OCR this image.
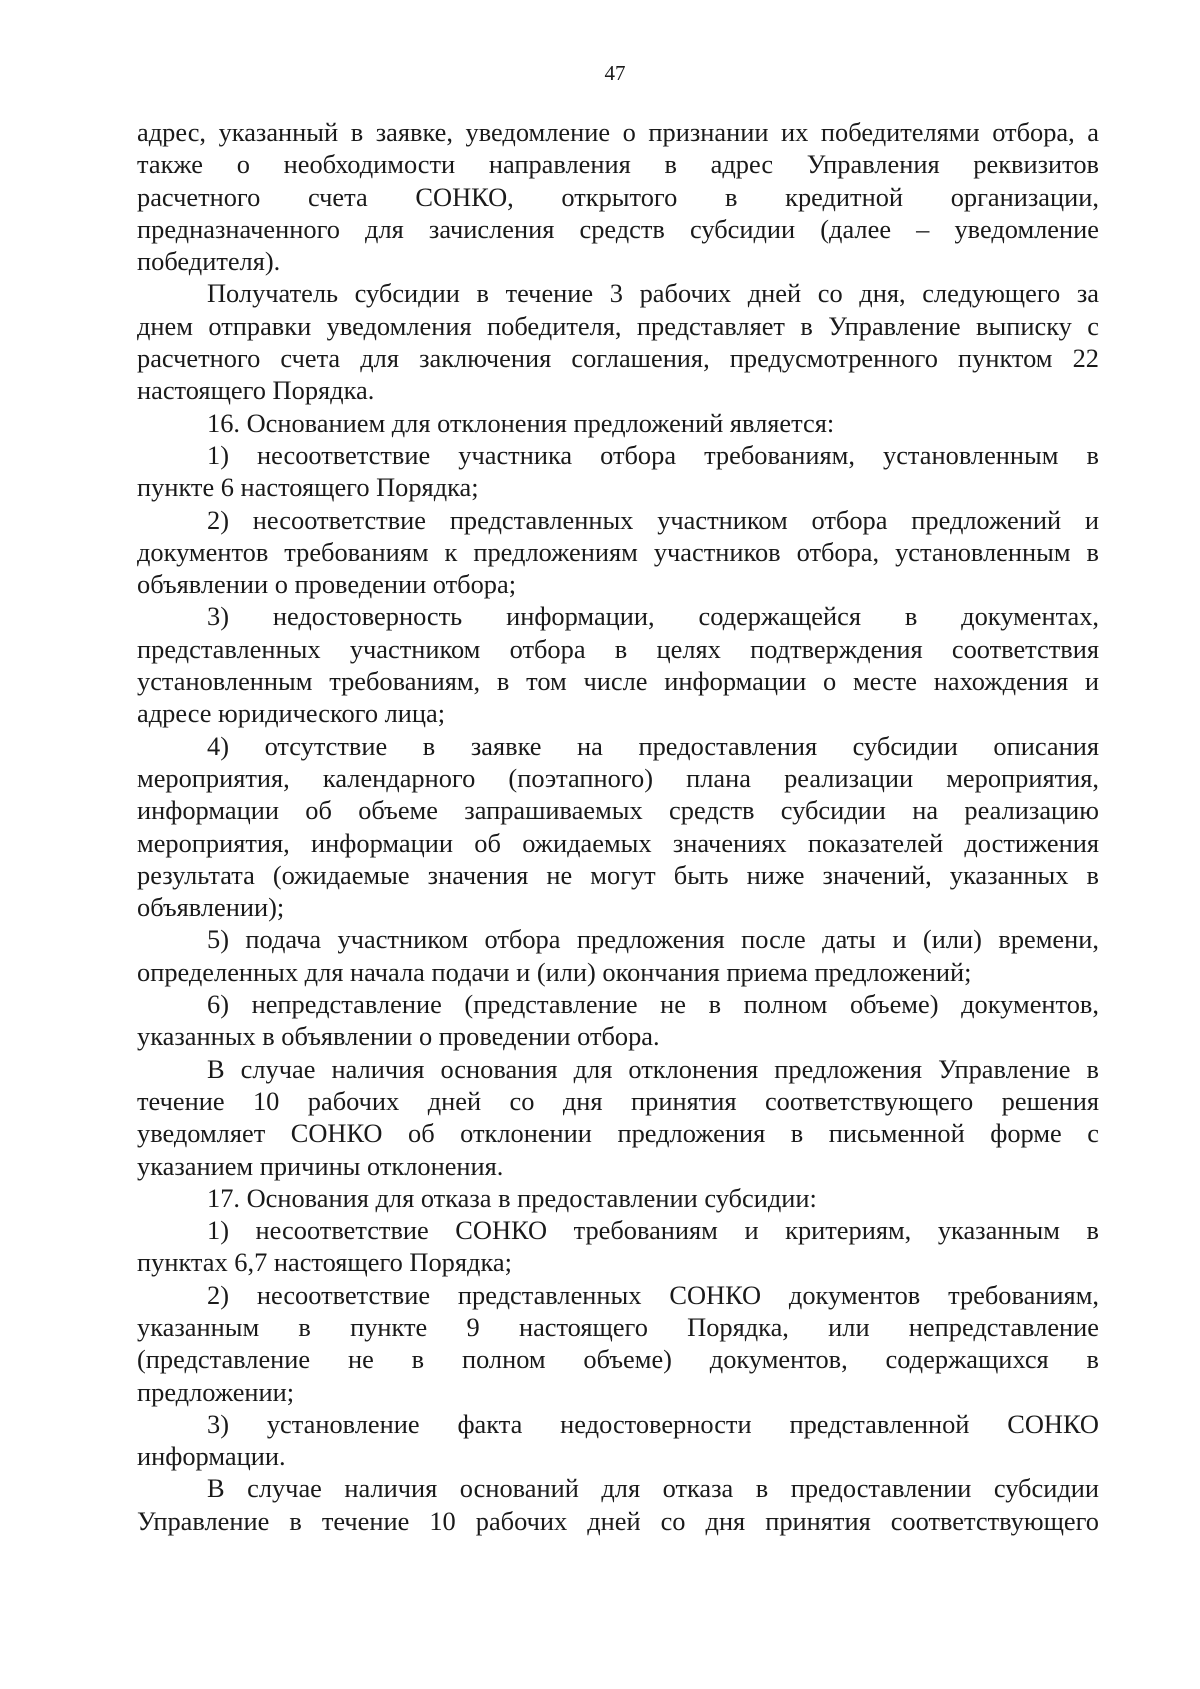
47

адрес, указанный в заявке, уведомление о признании их победителями отбора, а
также о необходимости направления в адрес Управления реквизитов
расчетного счета СОНКО, открытого в кредитной организации,
предназначенного для зачисления средств субсидии (далее – уведомление
победителя).

Получатель субсидии в течение 3 рабочих дней со дня, следующего за
днем отправки уведомления победителя, представляет в Управление выписку с
расчетного счета для заключения соглашения, предусмотренного пунктом 22
настоящего Порядка.

16. Основанием для отклонения предложений является:

1) несоответствие участника отбора требованиям, установленным в
пункте 6 настоящего Порядка;

2) несоответствие представленных участником отбора предложений и
документов требованиям к предложениям участников отбора, установленным в
объявлении о проведении отбора;

3) недостоверность информации, содержащейся в документах,
представленных участником отбора в целях подтверждения соответствия
установленным требованиям, в том числе информации о месте нахождения и
адресе юридического лица;

4) отсутствие в заявке на предоставления субсидии описания
мероприятия, календарного (поэтапного) плана реализации мероприятия,
информации об объеме запрашиваемых средств субсидии на реализацию
мероприятия, информации об ожидаемых значениях показателей достижения
результата (ожидаемые значения не могут быть ниже значений, указанных в
объявлении);

5) подача участником отбора предложения после даты и (или) времени,
определенных для начала подачи и (или) окончания приема предложений;

6) непредставление (представление не в полном объеме) документов,
указанных в объявлении о проведении отбора.

В случае наличия основания для отклонения предложения Управление в
течение 10 рабочих дней со дня принятия соответствующего решения
уведомляет СОНКО об отклонении предложения в письменной форме с
указанием причины отклонения.

17. Основания для отказа в предоставлении субсидии:

1) несоответствие СОНКО требованиям и критериям, указанным в
пунктах 6,7 настоящего Порядка;

2) несоответствие представленных СОНКО документов требованиям,
указанным в пункте 9 настоящего Порядка, или непредставление
(представление не в полном объеме) документов, содержащихся в
предложении;

3) установление факта недостоверности представленной СОНКО
информации.

В случае наличия оснований для отказа в предоставлении субсидии
Управление в течение 10 рабочих дней со дня принятия соответствующего
